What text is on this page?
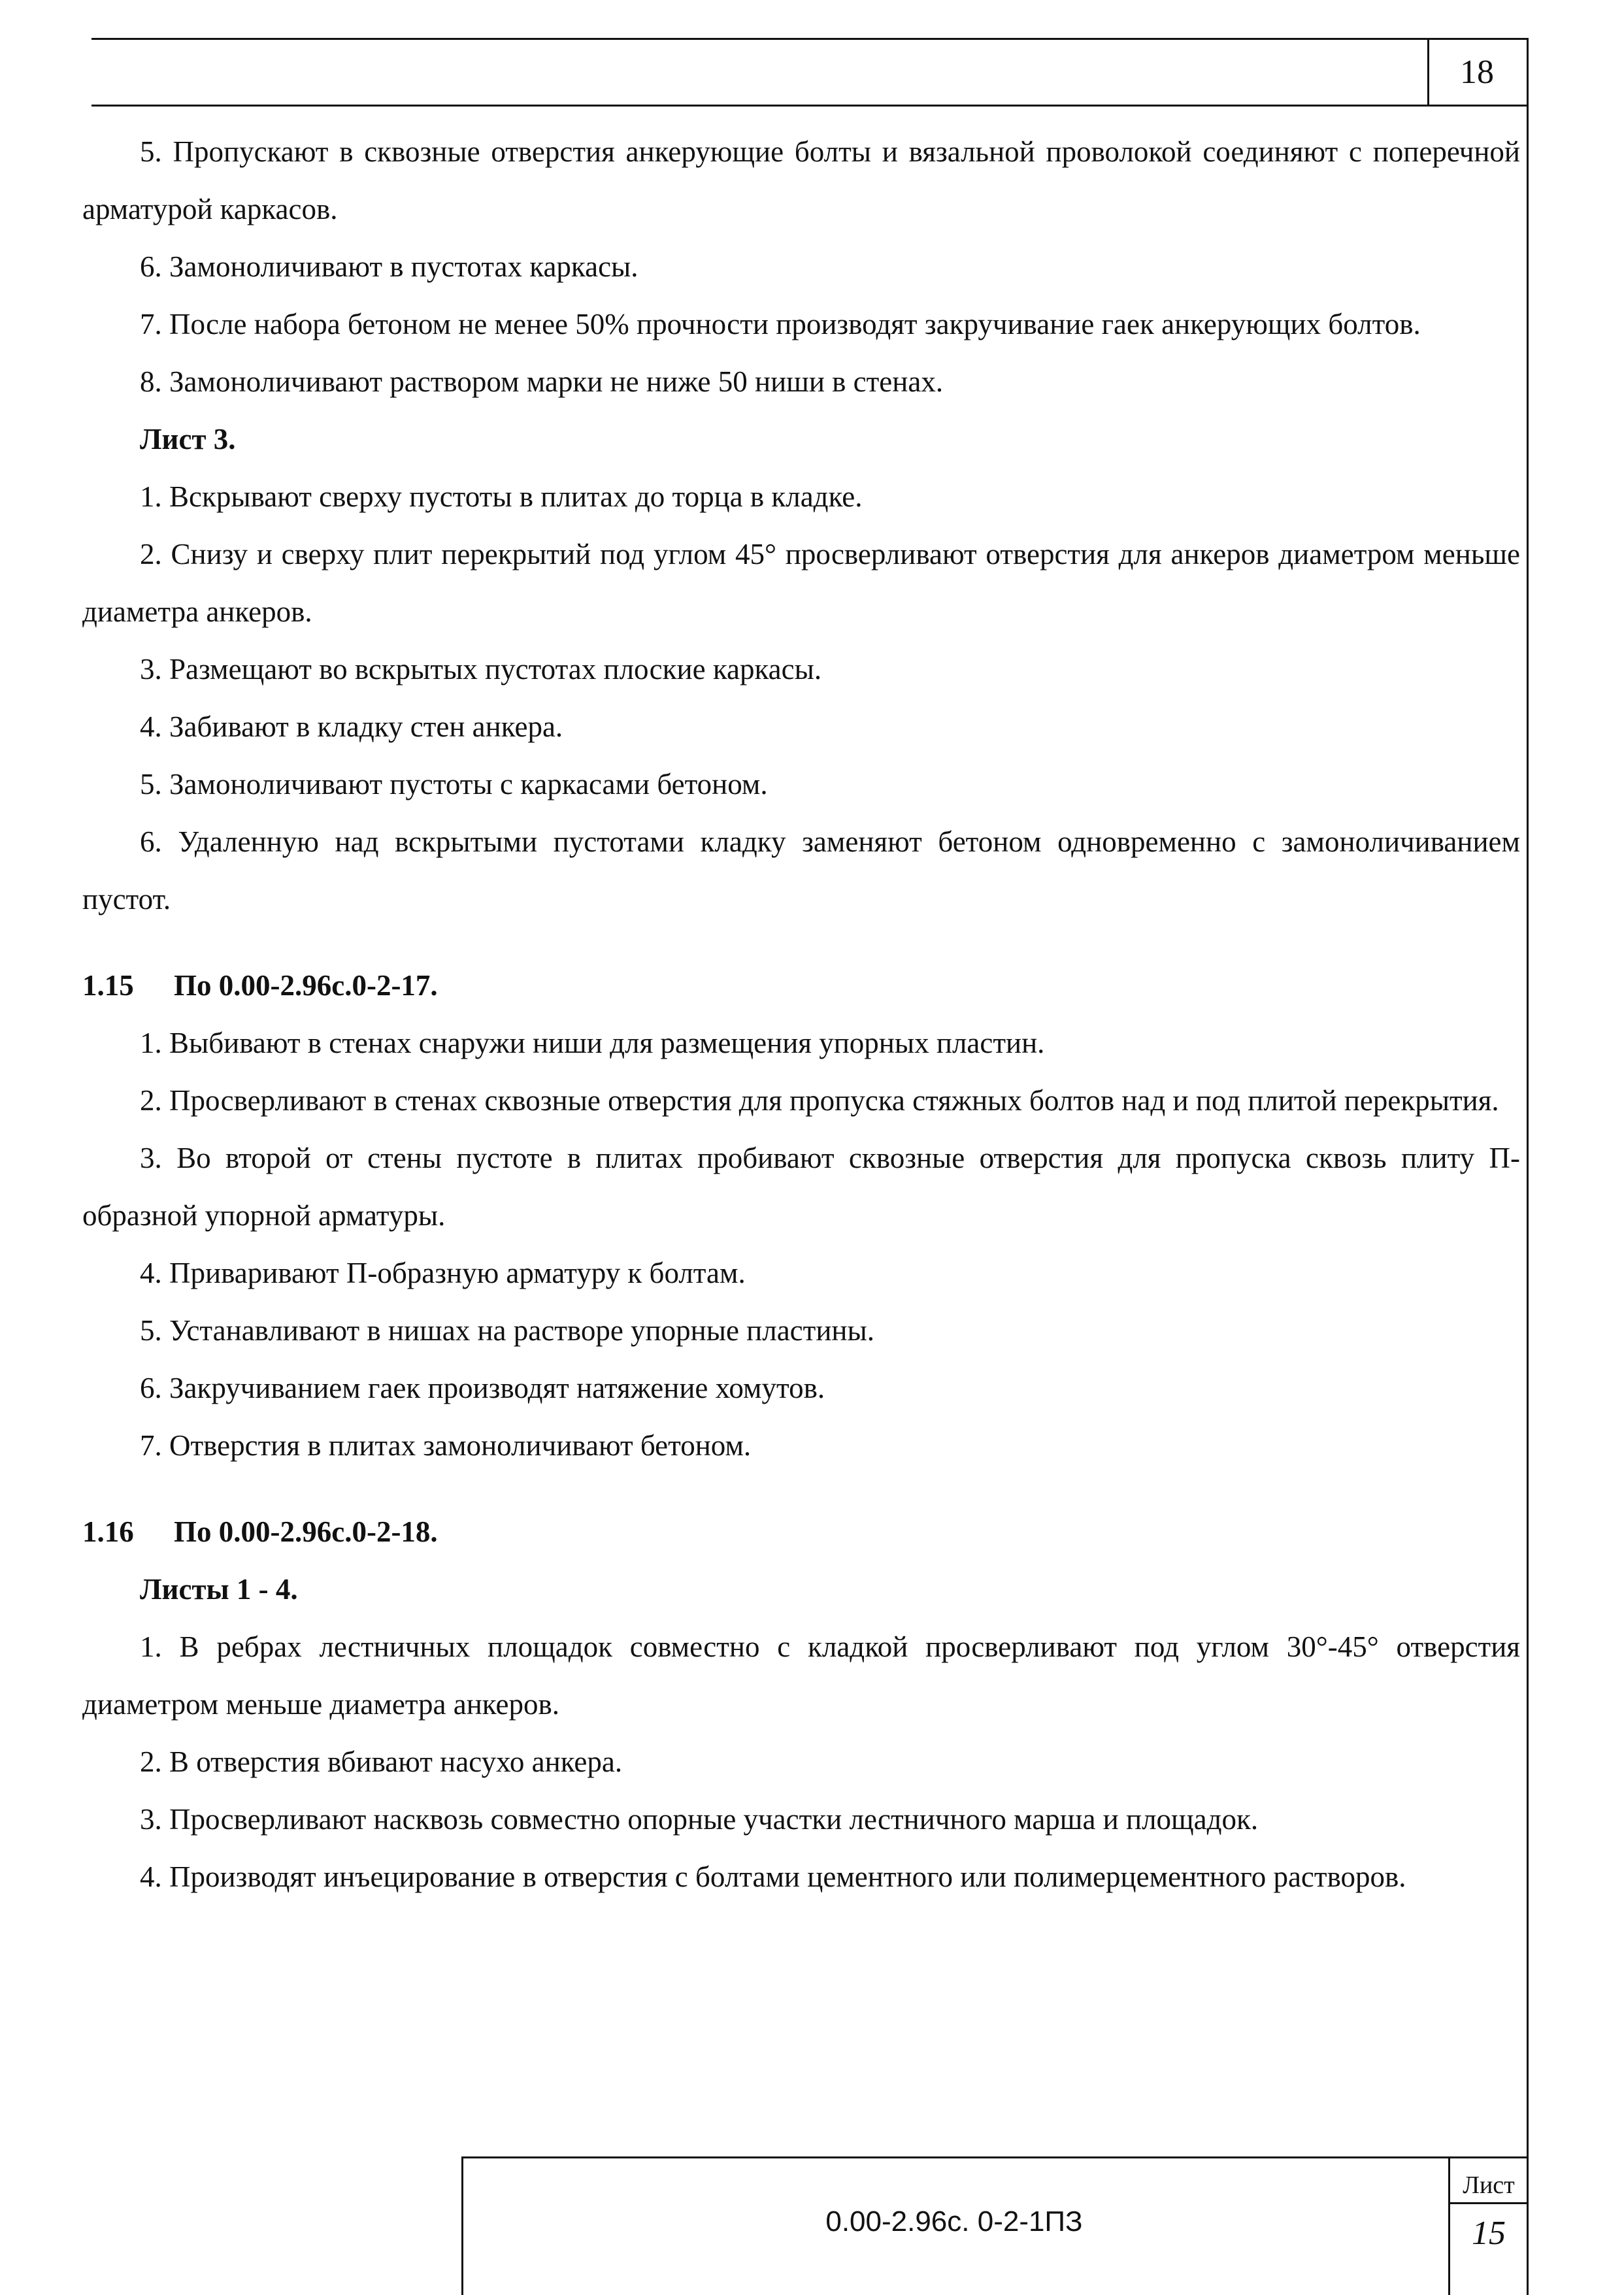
18
5. Пропускают в сквозные отверстия анкерующие болты и вязальной проволокой соединяют с поперечной арматурой каркасов.
6. Замоноличивают в пустотах каркасы.
7. После набора бетоном не менее 50% прочности производят закручивание гаек анкерующих болтов.
8. Замоноличивают раствором марки не ниже 50 ниши в стенах.
Лист 3.
1. Вскрывают сверху пустоты в плитах до торца в кладке.
2. Снизу и сверху плит перекрытий под углом 45° просверливают отверстия для анкеров диаметром меньше диаметра анкеров.
3. Размещают во вскрытых пустотах плоские каркасы.
4. Забивают в кладку стен анкера.
5. Замоноличивают пустоты с каркасами бетоном.
6. Удаленную над вскрытыми пустотами кладку заменяют бетоном одновременно с замоноличиванием пустот.
1.15 По 0.00-2.96с.0-2-17.
1. Выбивают в стенах снаружи ниши для размещения упорных пластин.
2. Просверливают в стенах сквозные отверстия для пропуска стяжных болтов над и под плитой перекрытия.
3. Во второй от стены пустоте в плитах пробивают сквозные отверстия для пропуска сквозь плиту П-образной упорной арматуры.
4. Приваривают П-образную арматуру к болтам.
5. Устанавливают в нишах на растворе упорные пластины.
6. Закручиванием гаек производят натяжение хомутов.
7. Отверстия в плитах замоноличивают бетоном.
1.16 По 0.00-2.96с.0-2-18.
Листы 1 - 4.
1. В ребрах лестничных площадок совместно с кладкой просверливают под углом 30°-45° отверстия диаметром меньше диаметра анкеров.
2. В отверстия вбивают насухо анкера.
3. Просверливают насквозь совместно опорные участки лестничного марша и площадок.
4. Производят инъецирование в отверстия с болтами цементного или полимерцементного растворов.
0.00-2.96с. 0-2-1ПЗ
Лист
15
